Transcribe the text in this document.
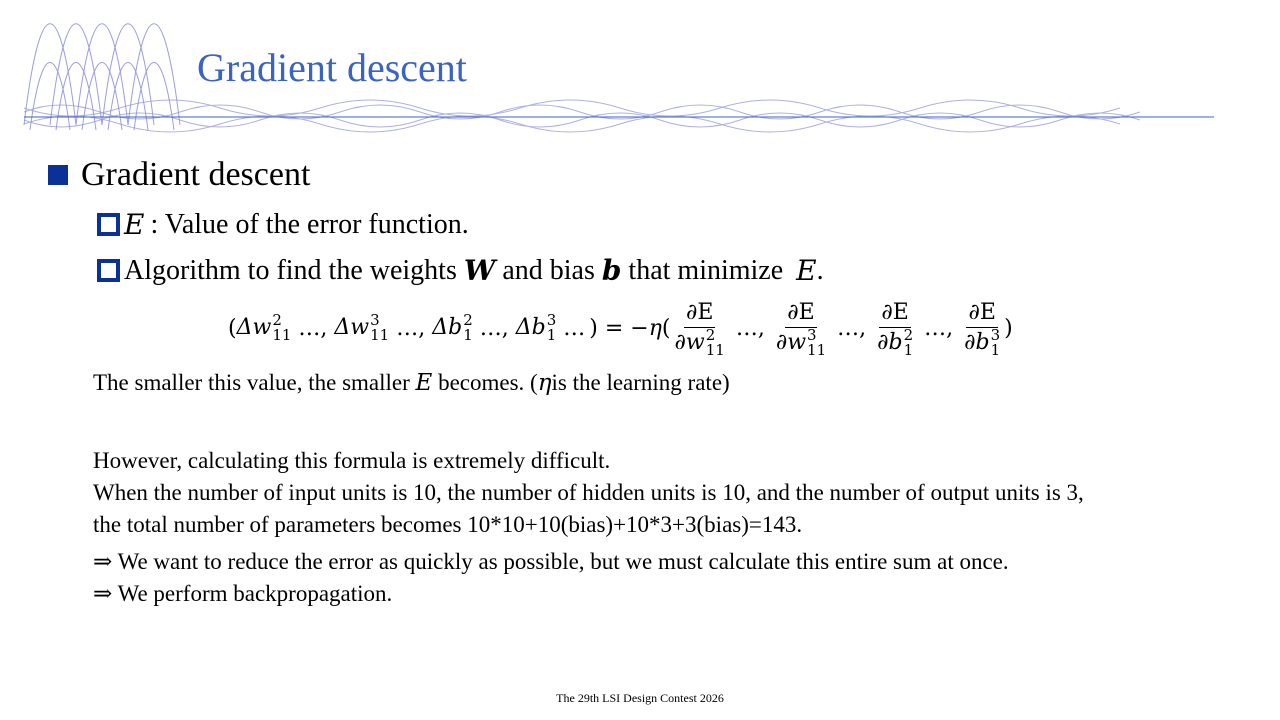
Gradient descent
Gradient descent
E : Value of the error function.
Algorithm to find the weights W and bias b that minimize E .
( Δw 2
11 … , Δw 3
11 … , Δb 2
1 … , Δb 3
1 … ) = − η ( ∂E
∂w 2
11 … , ∂E
∂w 3
11 … , ∂E
∂b 2
1 … , ∂E
∂b 3
1 )
The smaller this value, the smaller E becomes. (ηis the learning rate)
However, calculating this formula is extremely difficult.
When the number of input units is 10, the number of hidden units is 10, and the number of output units is 3,
the total number of parameters becomes 10*10+10(bias)+10*3+3(bias)=143.
⇒ We want to reduce the error as quickly as possible, but we must calculate this entire sum at once.
⇒ We perform backpropagation.
The 29th LSI Design Contest 2026
